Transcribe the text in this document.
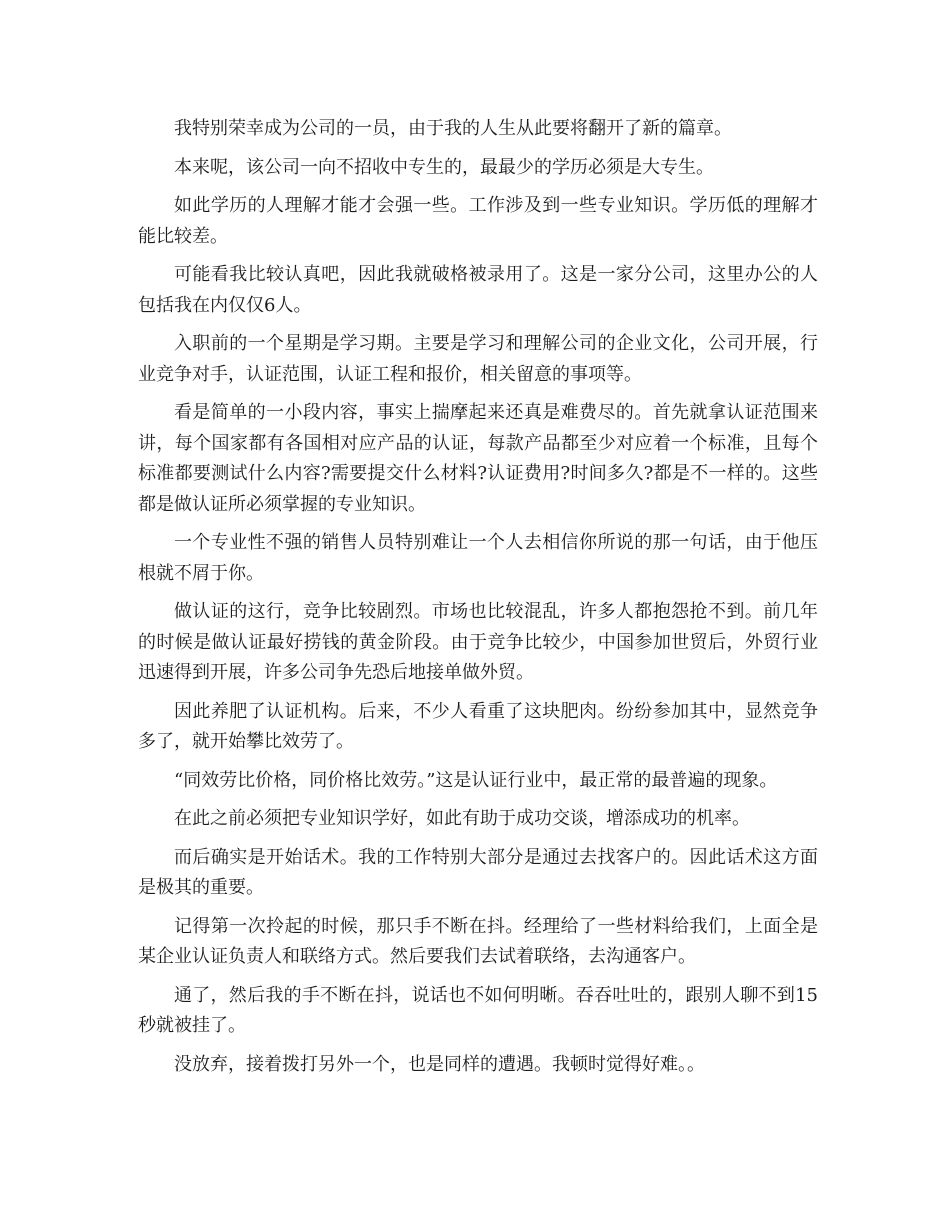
我特别荣幸成为公司的一员，由于我的人生从此要将翻开了新的篇章。

本来呢，该公司一向不招收中专生的，最最少的学历必须是大专生。

如此学历的人理解才能才会强一些。工作涉及到一些专业知识。学历低的理解才能比较差。

可能看我比较认真吧，因此我就破格被录用了。这是一家分公司，这里办公的人包括我在内仅仅6人。

入职前的一个星期是学习期。主要是学习和理解公司的企业文化，公司开展，行业竞争对手，认证范围，认证工程和报价，相关留意的事项等。

看是简单的一小段内容，事实上揣摩起来还真是难费尽的。首先就拿认证范围来讲，每个国家都有各国相对应产品的认证，每款产品都至少对应着一个标准，且每个标准都要测试什么内容?需要提交什么材料?认证费用?时间多久?都是不一样的。这些都是做认证所必须掌握的专业知识。

一个专业性不强的销售人员特别难让一个人去相信你所说的那一句话，由于他压根就不屑于你。

做认证的这行，竞争比较剧烈。市场也比较混乱，许多人都抱怨抢不到。前几年的时候是做认证最好捞钱的黄金阶段。由于竞争比较少，中国参加世贸后，外贸行业迅速得到开展，许多公司争先恐后地接单做外贸。

因此养肥了认证机构。后来，不少人看重了这块肥肉。纷纷参加其中，显然竞争多了，就开始攀比效劳了。

“同效劳比价格，同价格比效劳。”这是认证行业中，最正常的最普遍的现象。

在此之前必须把专业知识学好，如此有助于成功交谈，增添成功的机率。

而后确实是开始话术。我的工作特别大部分是通过去找客户的。因此话术这方面是极其的重要。

记得第一次拎起的时候，那只手不断在抖。经理给了一些材料给我们，上面全是某企业认证负责人和联络方式。然后要我们去试着联络，去沟通客户。

通了，然后我的手不断在抖，说话也不如何明晰。吞吞吐吐的，跟别人聊不到15秒就被挂了。

没放弃，接着拨打另外一个，也是同样的遭遇。我顿时觉得好难。。
